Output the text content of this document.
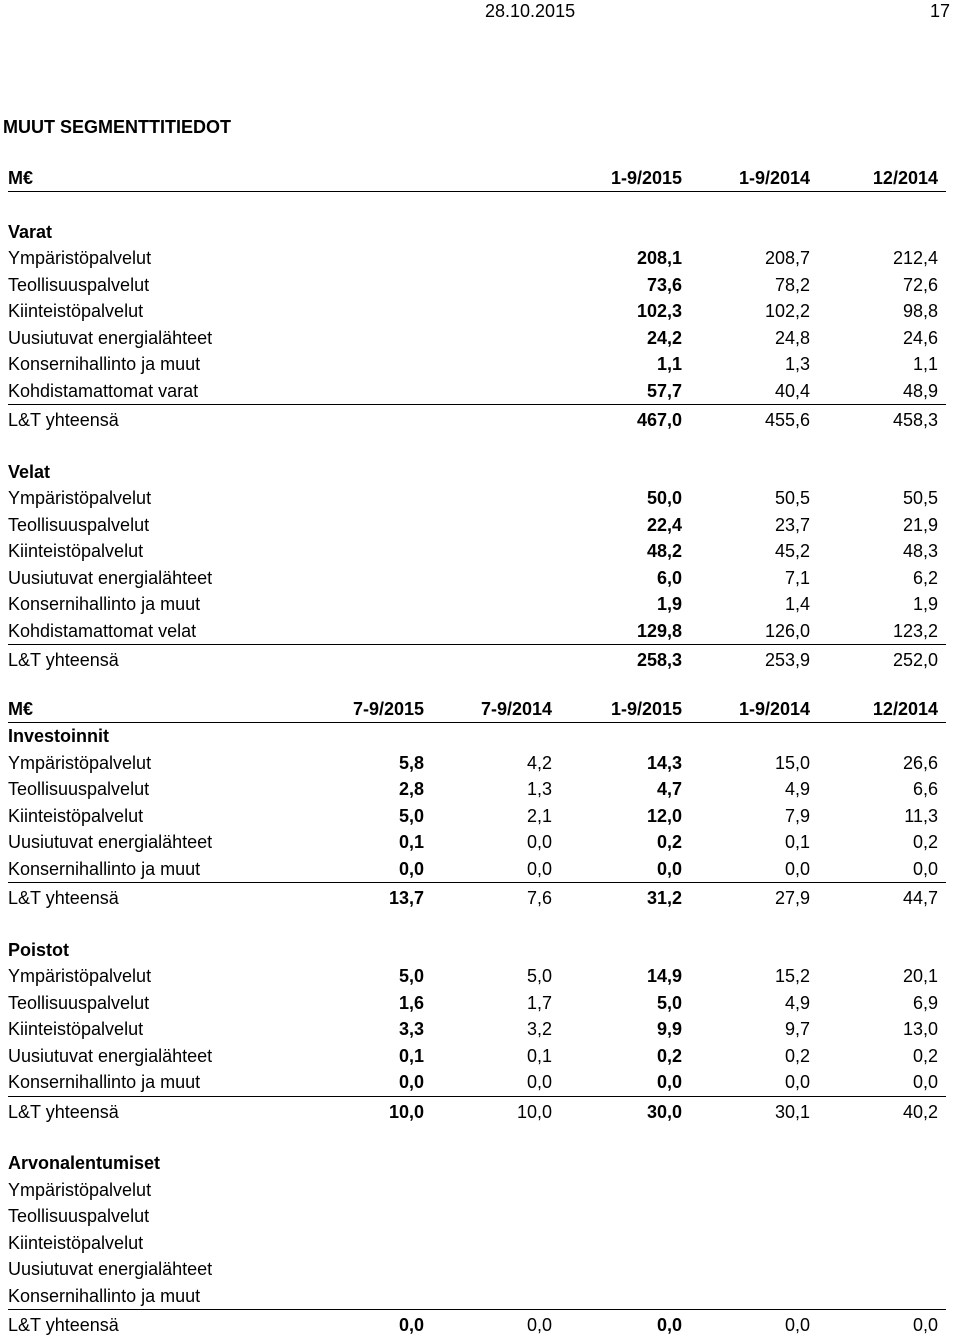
28.10.2015	17
MUUT SEGMENTTITIEDOT
M€	1-9/2015	1-9/2014	12/2014
Varat
Ympäristöpalvelut	208,1	208,7	212,4
Teollisuuspalvelut	73,6	78,2	72,6
Kiinteistöpalvelut	102,3	102,2	98,8
Uusiutuvat energialähteet	24,2	24,8	24,6
Konsernihallinto ja muut	1,1	1,3	1,1
Kohdistamattomat varat	57,7	40,4	48,9
L&T yhteensä	467,0	455,6	458,3
Velat
Ympäristöpalvelut	50,0	50,5	50,5
Teollisuuspalvelut	22,4	23,7	21,9
Kiinteistöpalvelut	48,2	45,2	48,3
Uusiutuvat energialähteet	6,0	7,1	6,2
Konsernihallinto ja muut	1,9	1,4	1,9
Kohdistamattomat velat	129,8	126,0	123,2
L&T yhteensä	258,3	253,9	252,0
M€	7-9/2015	7-9/2014	1-9/2015	1-9/2014	12/2014
Investoinnit
Ympäristöpalvelut	5,8	4,2	14,3	15,0	26,6
Teollisuuspalvelut	2,8	1,3	4,7	4,9	6,6
Kiinteistöpalvelut	5,0	2,1	12,0	7,9	11,3
Uusiutuvat energialähteet	0,1	0,0	0,2	0,1	0,2
Konsernihallinto ja muut	0,0	0,0	0,0	0,0	0,0
L&T yhteensä	13,7	7,6	31,2	27,9	44,7
Poistot
Ympäristöpalvelut	5,0	5,0	14,9	15,2	20,1
Teollisuuspalvelut	1,6	1,7	5,0	4,9	6,9
Kiinteistöpalvelut	3,3	3,2	9,9	9,7	13,0
Uusiutuvat energialähteet	0,1	0,1	0,2	0,2	0,2
Konsernihallinto ja muut	0,0	0,0	0,0	0,0	0,0
L&T yhteensä	10,0	10,0	30,0	30,1	40,2
Arvonalentumiset
Ympäristöpalvelut
Teollisuuspalvelut
Kiinteistöpalvelut
Uusiutuvat energialähteet
Konsernihallinto ja muut
L&T yhteensä	0,0	0,0	0,0	0,0	0,0
